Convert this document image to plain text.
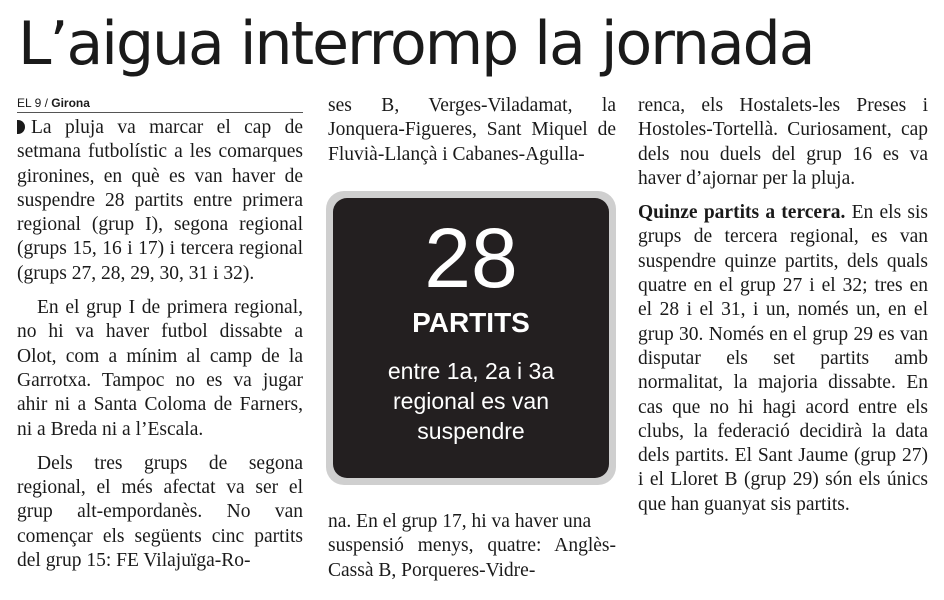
L’aigua interromp la jornada
EL 9 / Girona

La pluja va marcar el cap de setmana futbolístic a les comarques gironines, en què es van haver de suspendre 28 partits entre primera regional (grup I), segona regional (grups 15, 16 i 17) i tercera regional (grups 27, 28, 29, 30, 31 i 32).

En el grup I de primera regional, no hi va haver futbol dissabte a Olot, com a mínim al camp de la Garrotxa. Tampoc no es va jugar ahir ni a Santa Coloma de Farners, ni a Breda ni a l’Escala.

Dels tres grups de segona regional, el més afectat va ser el grup alt-empordanès. No van començar els següents cinc partits del grup 15: FE Vilajuïga-Ro-

ses B, Verges-Viladamat, la Jonquera-Figueres, Sant Miquel de Fluvià-Llançà i Cabanes-Agulla-

28
PARTITS
entre 1a, 2a i 3a
regional es van
suspendre

na. En el grup 17, hi va haver una

suspensió menys, quatre: Anglès-Cassà B, Porqueres-Vidre-

renca, els Hostalets-les Preses i Hostoles-Tortellà. Curiosament, cap dels nou duels del grup 16 es va haver d’ajornar per la pluja.

Quinze partits a tercera. En els sis grups de tercera regional, es van suspendre quinze partits, dels quals quatre en el grup 27 i el 32; tres en el 28 i el 31, i un, només un, en el grup 30. Només en el grup 29 es van disputar els set partits amb normalitat, la majoria dissabte. En cas que no hi hagi acord entre els clubs, la federació decidirà la data dels partits. El Sant Jaume (grup 27) i el Lloret B (grup 29) són els únics que han guanyat sis partits.
